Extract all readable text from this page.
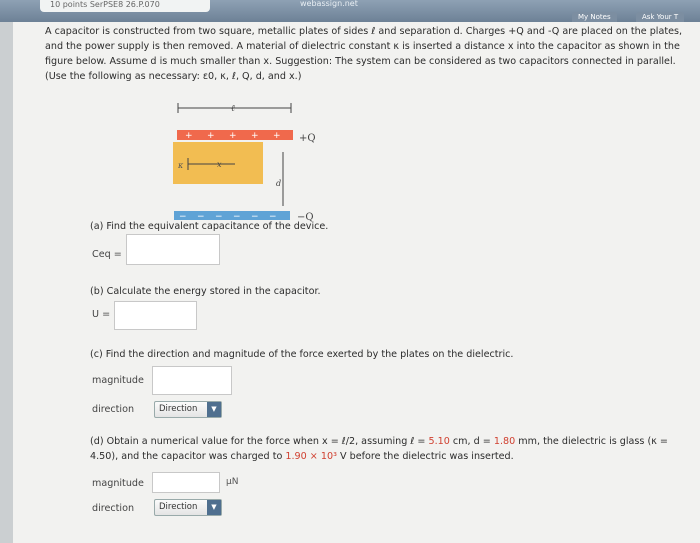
10 points SerPSE8 26.P.070	webassign.net
My Notes	Ask Your T
A capacitor is constructed from two square, metallic plates of sides ℓ and separation d. Charges +Q and -Q are placed on the plates, and the power supply is then removed. A material of dielectric constant κ is inserted a distance x into the capacitor as shown in the figure below. Assume d is much smaller than x. Suggestion: The system can be considered as two capacitors connected in parallel. (Use the following as necessary: ε0, κ, ℓ, Q, d, and x.)
ℓ
κ
+ + + + + +Q
x
d
− − − − − − −Q
(a) Find the equivalent capacitance of the device.
Ceq =
(b) Calculate the energy stored in the capacitor.
U =
(c) Find the direction and magnitude of the force exerted by the plates on the dielectric.
magnitude
direction	Direction	▼
(d) Obtain a numerical value for the force when x = ℓ/2, assuming ℓ = 5.10 cm, d = 1.80 mm, the dielectric is glass (κ = 4.50), and the capacitor was charged to 1.90 × 10³ V before the dielectric was inserted.
magnitude	µN
direction	Direction	▼
